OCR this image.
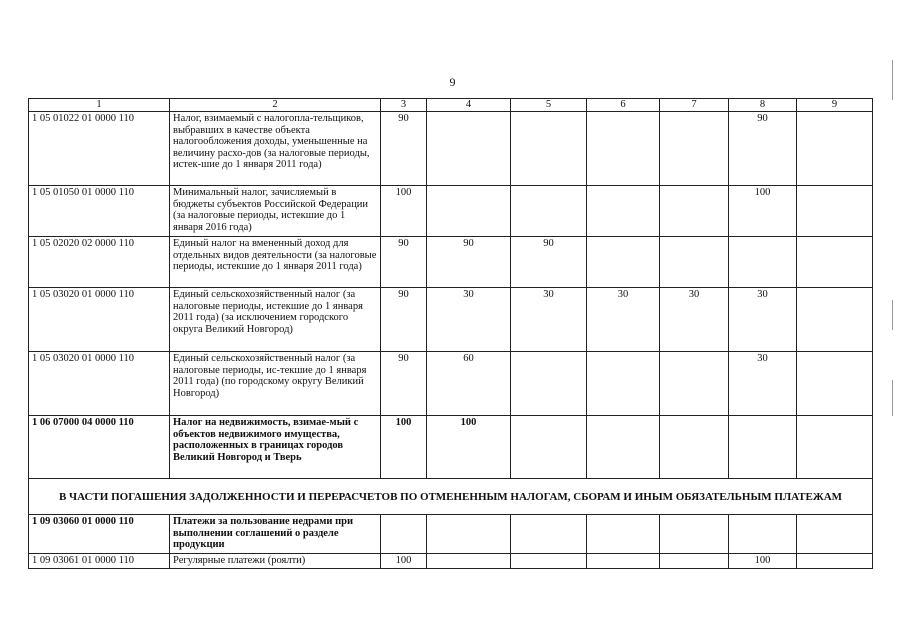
9
1	2	3	4	5	6	7	8	9
1 05 01022 01 0000 110	Налог, взимаемый с налогопла-тельщиков, выбравших в качестве объекта налогообложения доходы, уменьшенные на величину расхо-дов (за налоговые периоды, истек-шие до 1 января 2011 года)	90					90	
1 05 01050 01 0000 110	Минимальный налог, зачисляемый в бюджеты субъектов Российской Федерации (за налоговые периоды, истекшие до 1 января 2016 года)	100					100	
1 05 02020 02 0000 110	Единый налог на вмененный доход для отдельных видов деятельности (за налоговые периоды, истекшие до 1 января 2011 года)	90	90	90				
1 05 03020 01 0000 110	Единый сельскохозяйственный налог (за налоговые периоды, истекшие до 1 января 2011 года) (за исключением городского округа Великий Новгород)	90	30	30	30	30	30	
1 05 03020 01 0000 110	Единый сельскохозяйственный налог (за налоговые периоды, ис-текшие до 1 января 2011 года) (по городскому округу Великий Новгород)	90	60				30	
1 06 07000 04 0000 110	Налог на недвижимость, взимае-мый с объектов недвижимого имущества, расположенных в границах городов Великий Новгород и Тверь	100	100					
В ЧАСТИ ПОГАШЕНИЯ ЗАДОЛЖЕННОСТИ И ПЕРЕРАСЧЕТОВ ПО ОТМЕНЕННЫМ НАЛОГАМ, СБОРАМ И ИНЫМ ОБЯЗАТЕЛЬНЫМ ПЛАТЕЖАМ								
1 09 03060 01 0000 110	Платежи за пользование недрами при выполнении соглашений о разделе продукции							
1 09 03061 01 0000 110	Регулярные платежи (роялти)	100					100	
